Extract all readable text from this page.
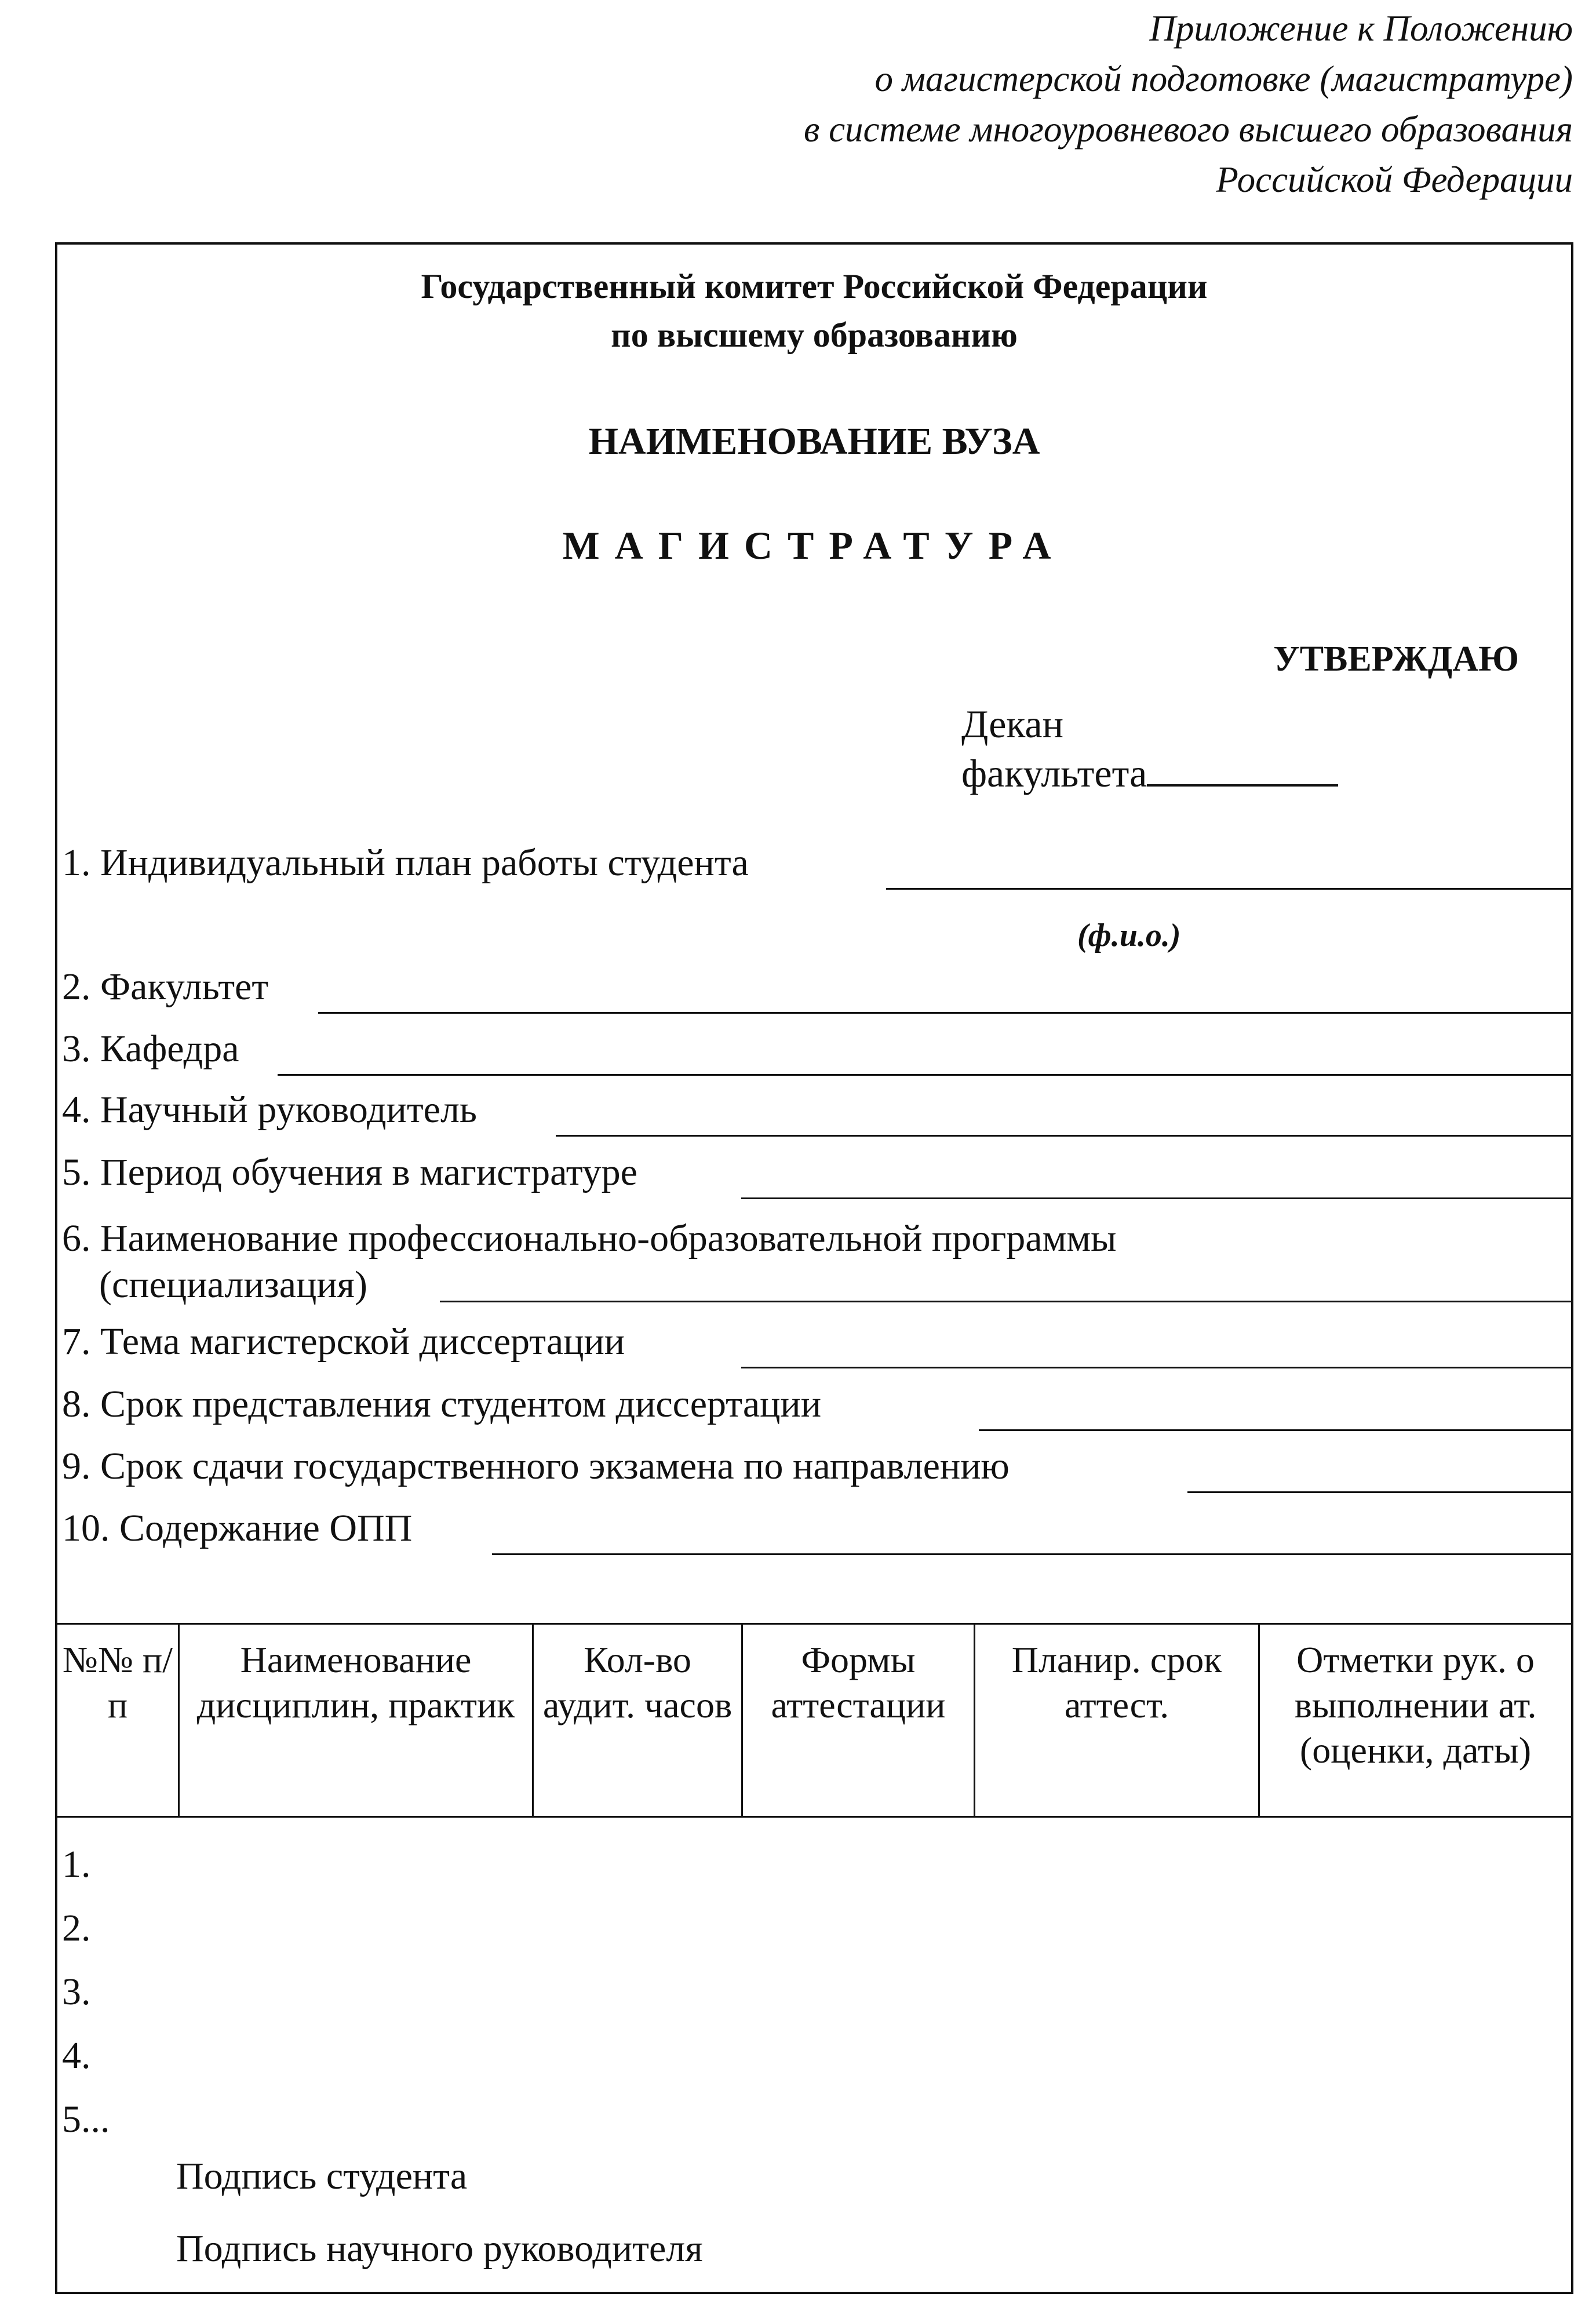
Приложение к Положению
о магистерской подготовке (магистратуре)
в системе многоуровневого высшего образования
Российской Федерации
Государственный комитет Российской Федерации
по высшему образованию
НАИМЕНОВАНИЕ ВУЗА
МАГИСТРАТУРА
УТВЕРЖДАЮ
Декан
факультета
1. Индивидуальный план работы студента
(ф.и.о.)
2. Факультет
3. Кафедра
4. Научный руководитель
5. Период обучения в магистратуре
6. Наименование профессионально-образовательной программы
(специализация)
7. Тема магистерской диссертации
8. Срок представления студентом диссертации
9. Срок сдачи государственного экзамена по направлению
10. Содержание ОПП
№№ п/п	Наименование дисциплин, практик	Кол-во аудит. часов	Формы аттестации	Планир. срок аттест.	Отметки рук. о выполнении ат. (оценки, даты)
1.
2.
3.
4.
5...
Подпись студента
Подпись научного руководителя
